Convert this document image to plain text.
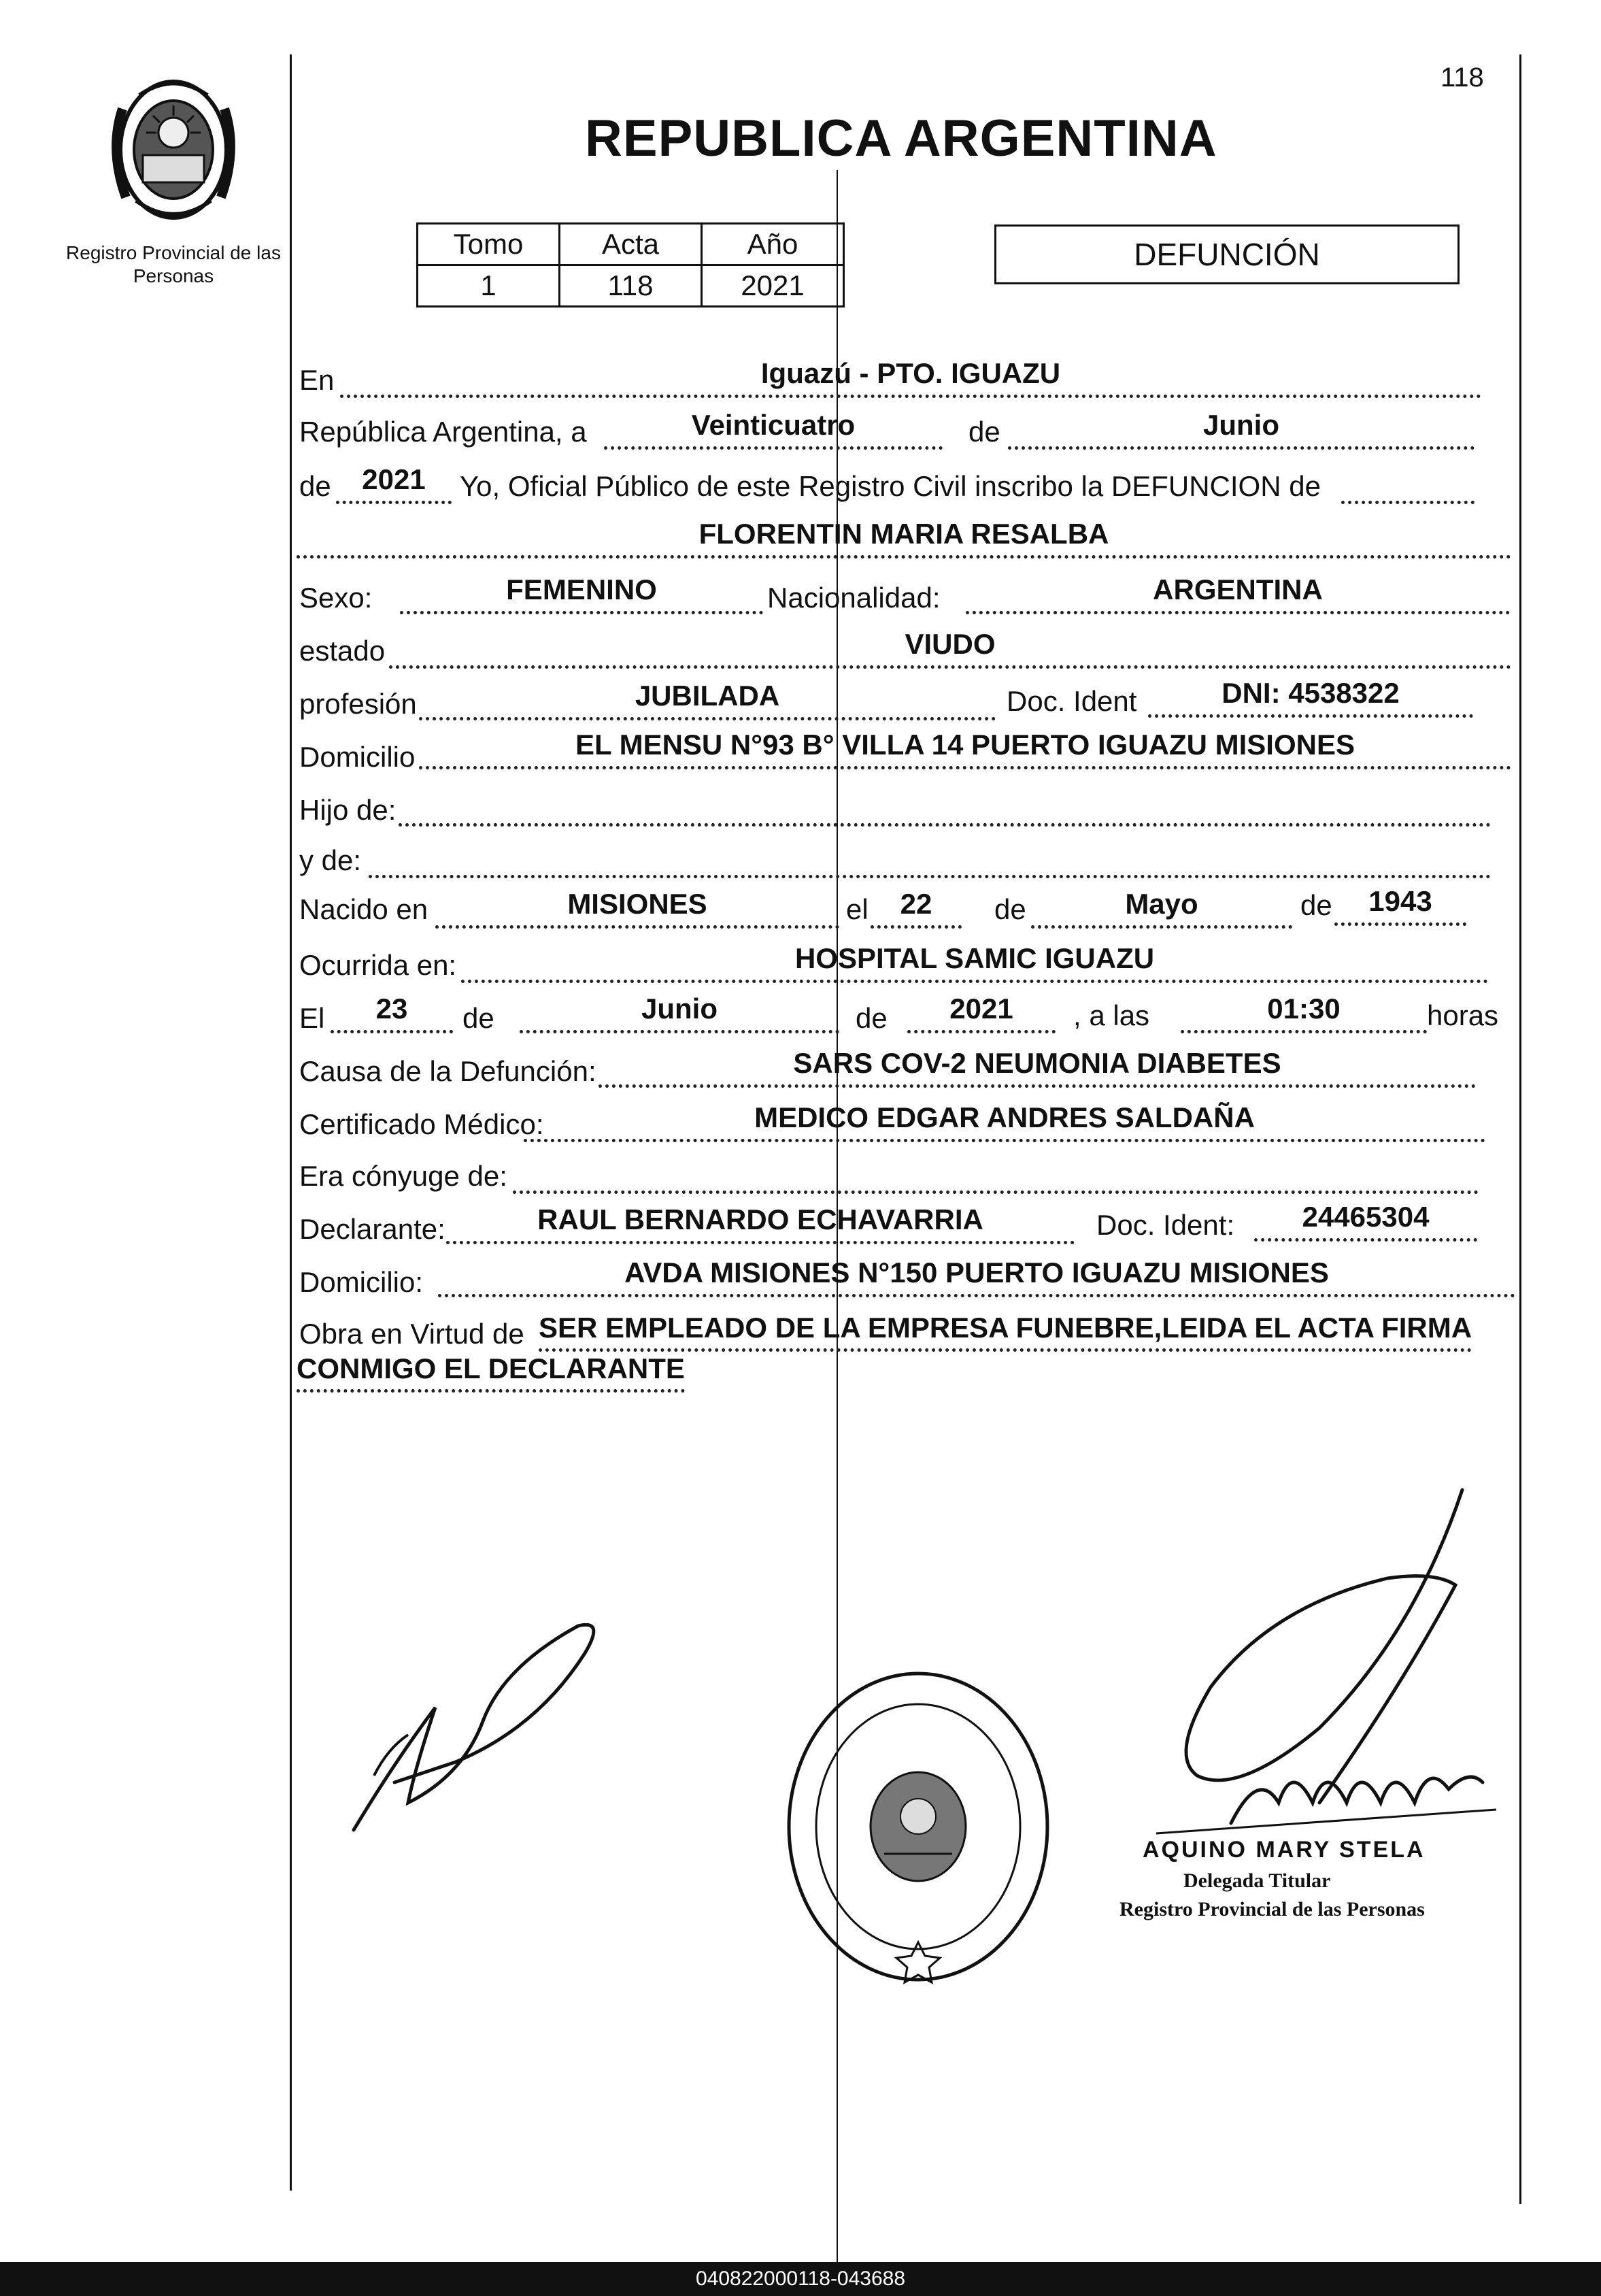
Registro Provincial de las Personas
118
REPUBLICA ARGENTINA
Tomo	Acta	Año
1	118	2021
DEFUNCIÓN
En	Iguazú - PTO. IGUAZU
República Argentina, a	Veinticuatro	de	Junio
de	2021	Yo, Oficial Público de este Registro Civil inscribo la DEFUNCION de
FLORENTIN MARIA RESALBA
Sexo:	FEMENINO	Nacionalidad:	ARGENTINA
estado	VIUDO
profesión	JUBILADA	Doc. Ident	DNI: 4538322
Domicilio	EL MENSU N°93 B° VILLA 14 PUERTO IGUAZU MISIONES
Hijo de:
y de:
Nacido en	MISIONES	el	22	de	Mayo	de	1943
Ocurrida en:	HOSPITAL SAMIC IGUAZU
El	23	de	Junio	de	2021	, a las	01:30	horas
Causa de la Defunción:	SARS COV-2 NEUMONIA DIABETES
Certificado Médico:	MEDICO EDGAR ANDRES SALDAÑA
Era cónyuge de:
Declarante:	RAUL BERNARDO ECHAVARRIA	Doc. Ident:	24465304
Domicilio:	AVDA MISIONES N°150 PUERTO IGUAZU MISIONES
Obra en Virtud de SER EMPLEADO DE LA EMPRESA FUNEBRE,LEIDA EL ACTA FIRMA
CONMIGO EL DECLARANTE
AQUINO MARY STELA
Delegada Titular
Registro Provincial de las Personas
040822000118-043688
